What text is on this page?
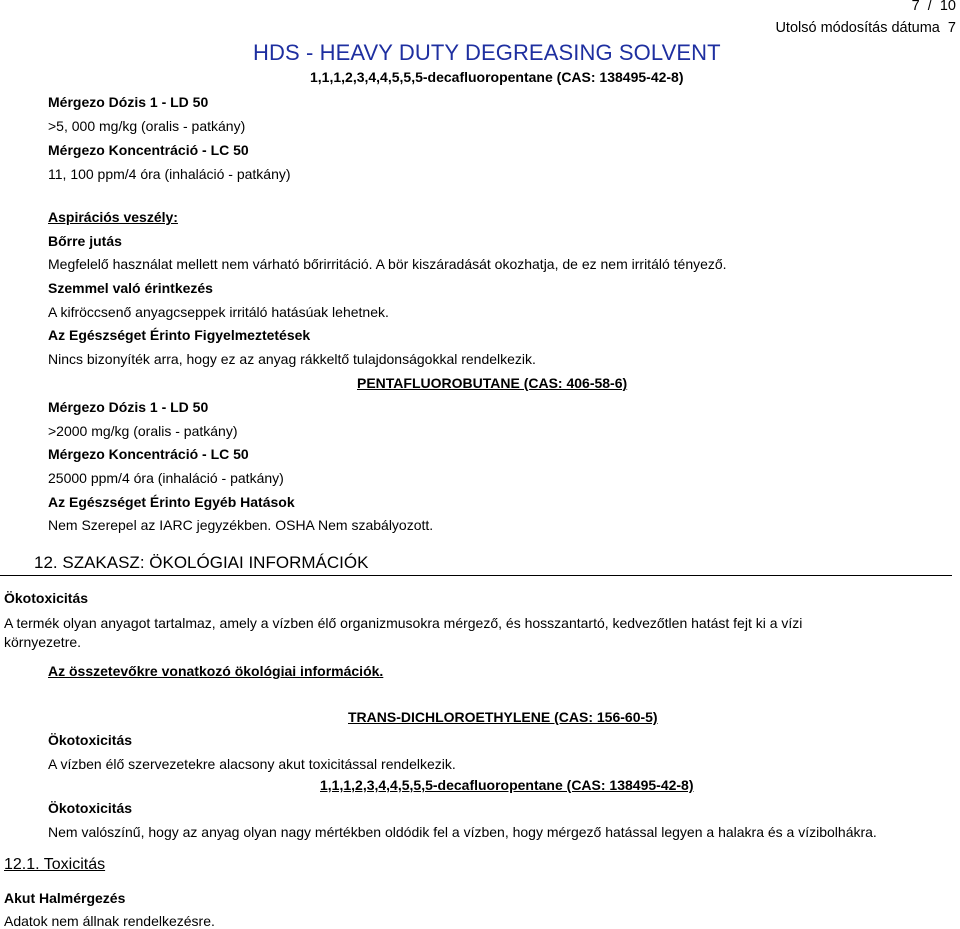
7 / 10
Utolsó módosítás dátuma 7
HDS - HEAVY DUTY DEGREASING SOLVENT
1,1,1,2,3,4,4,5,5,5-decafluoropentane (CAS: 138495-42-8)
Mérgezo Dózis 1 - LD 50
>5, 000 mg/kg (oralis - patkány)
Mérgezo Koncentráció - LC 50
11, 100 ppm/4 óra (inhaláció - patkány)
Aspirációs veszély:
Bőrre jutás
Megfelelő használat mellett nem várható bőrirritáció. A bör kiszáradását okozhatja, de ez nem irritáló tényező.
Szemmel való érintkezés
A kifröccsenő anyagcseppek irritáló hatásúak lehetnek.
Az Egészséget Érinto Figyelmeztetések
Nincs bizonyíték arra, hogy ez az anyag rákkeltő tulajdonságokkal rendelkezik.
PENTAFLUOROBUTANE (CAS: 406-58-6)
Mérgezo Dózis 1 - LD 50
>2000 mg/kg (oralis - patkány)
Mérgezo Koncentráció - LC 50
25000 ppm/4 óra (inhaláció - patkány)
Az Egészséget Érinto Egyéb Hatások
Nem Szerepel az IARC jegyzékben. OSHA Nem szabályozott.
12. SZAKASZ: ÖKOLÓGIAI INFORMÁCIÓK
Ökotoxicitás
A termék olyan anyagot tartalmaz, amely a vízben élő organizmusokra mérgező, és hosszantartó, kedvezőtlen hatást fejt ki a vízi környezetre.
Az összetevőkre vonatkozó ökológiai információk.
TRANS-DICHLOROETHYLENE (CAS: 156-60-5)
Ökotoxicitás
A vízben élő szervezetekre alacsony akut toxicitással rendelkezik.
1,1,1,2,3,4,4,5,5,5-decafluoropentane (CAS: 138495-42-8)
Ökotoxicitás
Nem valószínű, hogy az anyag olyan nagy mértékben oldódik fel a vízben, hogy mérgező hatással legyen a halakra és a vízibolhákra.
12.1. Toxicitás
Akut Halmérgezés
Adatok nem állnak rendelkezésre.
